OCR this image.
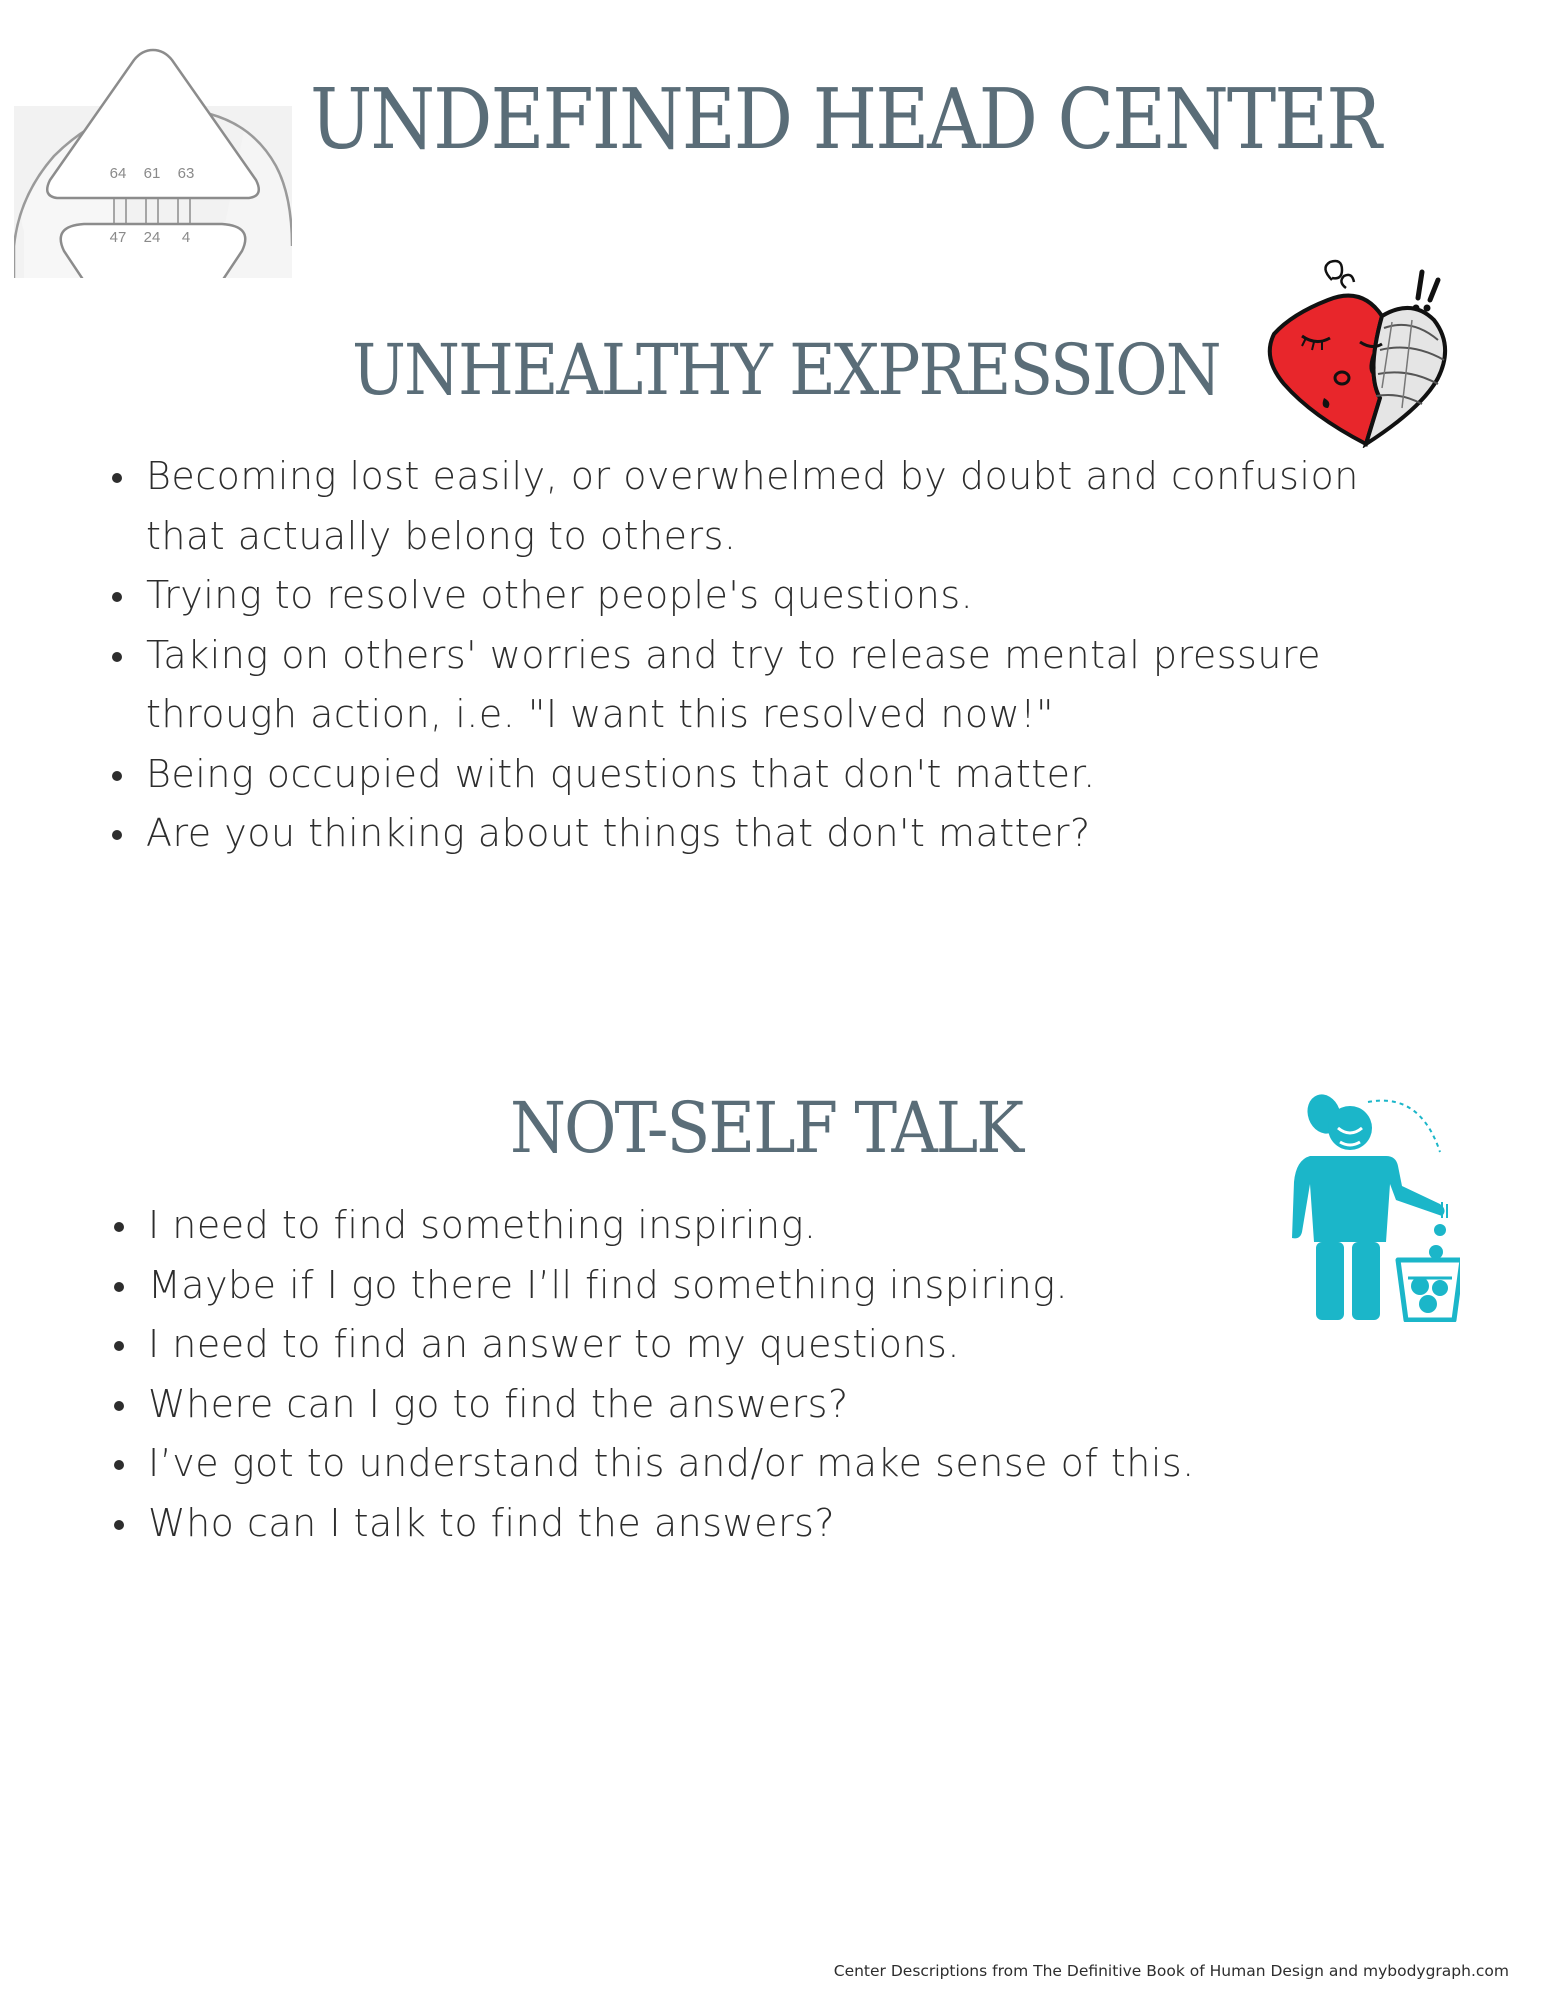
64 61 63
47 24 4
UNDEFINED HEAD CENTER
UNHEALTHY EXPRESSION
Becoming lost easily, or overwhelmed by doubt and confusion that actually belong to others.
Trying to resolve other people's questions.
Taking on others' worries and try to release mental pressure through action, i.e. "I want this resolved now!"
Being occupied with questions that don't matter.
Are you thinking about things that don't matter?
NOT-SELF TALK
I need to find something inspiring.
Maybe if I go there I’ll find something inspiring.
I need to find an answer to my questions.
Where can I go to find the answers?
I’ve got to understand this and/or make sense of this.
Who can I talk to find the answers?
Center Descriptions from The Definitive Book of Human Design and mybodygraph.com
